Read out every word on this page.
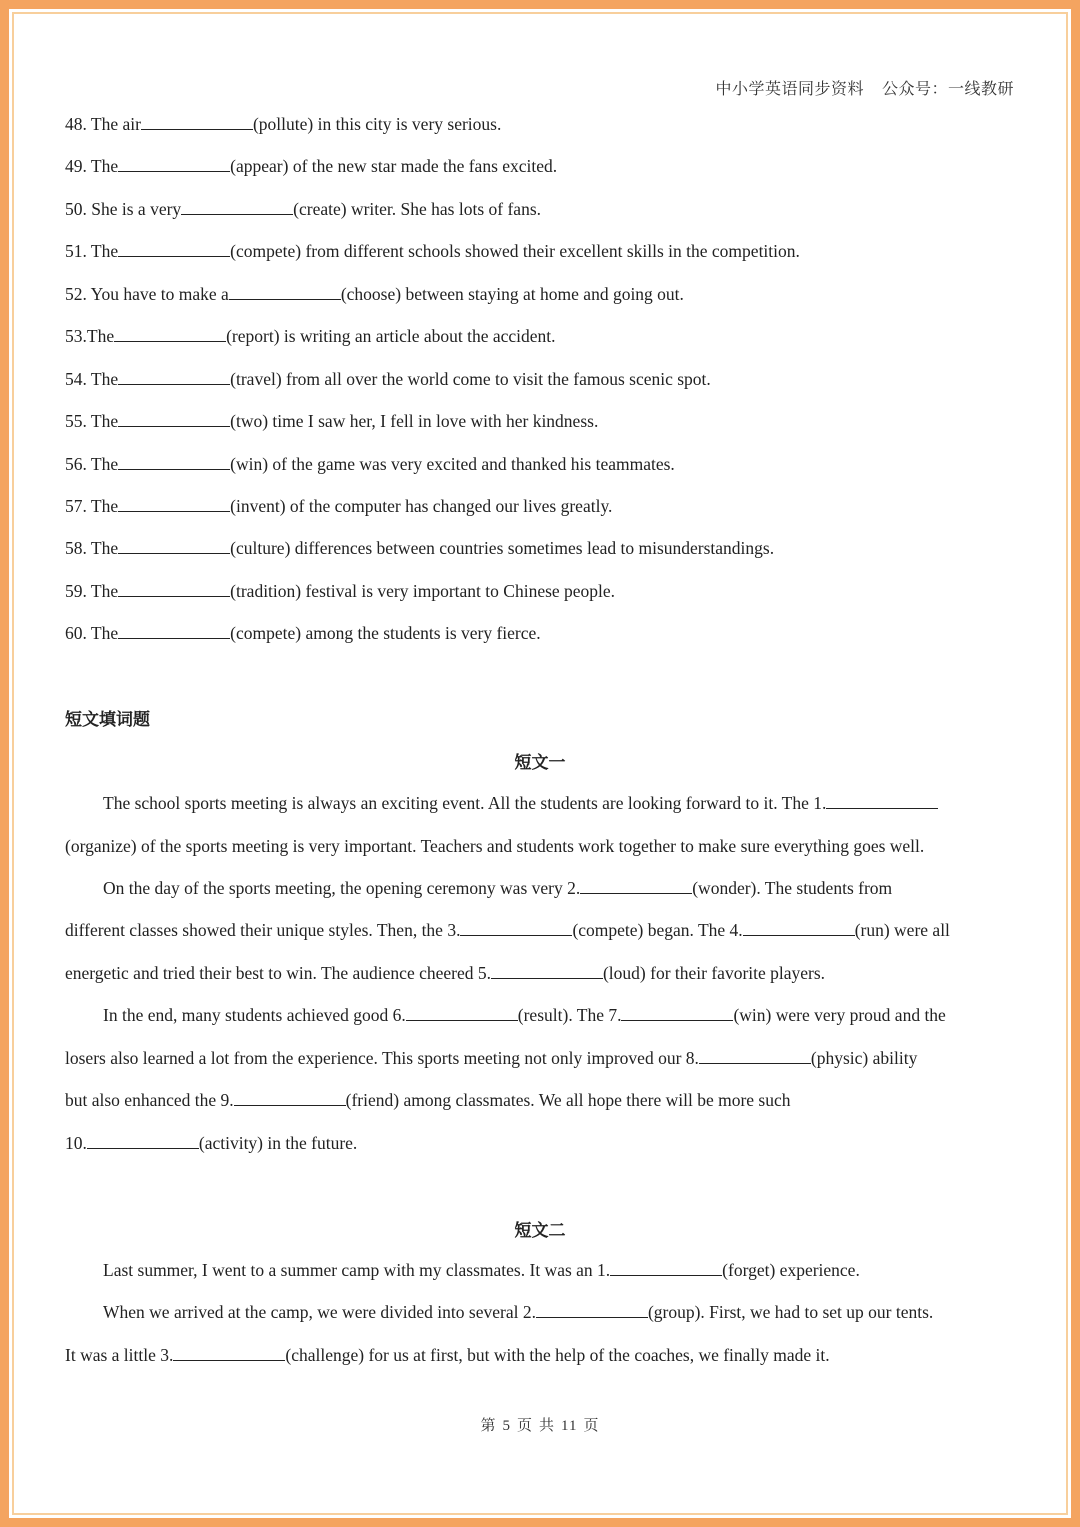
中小学英语同步资料 公众号：一线教研
48. The air	(pollute) in this city is very serious.
49. The	(appear) of the new star made the fans excited.
50. She is a very	(create) writer. She has lots of fans.
51. The	(compete) from different schools showed their excellent skills in the competition.
52. You have to make a	(choose) between staying at home and going out.
53.The	(report) is writing an article about the accident.
54. The	(travel) from all over the world come to visit the famous scenic spot.
55. The	(two) time I saw her, I fell in love with her kindness.
56. The	(win) of the game was very excited and thanked his teammates.
57. The	(invent) of the computer has changed our lives greatly.
58. The	(culture) differences between countries sometimes lead to misunderstandings.
59. The	(tradition) festival is very important to Chinese people.
60. The	(compete) among the students is very fierce.
短文填词题
短文一
The school sports meeting is always an exciting event. All the students are looking forward to it. The 1.
(organize) of the sports meeting is very important. Teachers and students work together to make sure everything goes well.
On the day of the sports meeting, the opening ceremony was very 2.	(wonder). The students from
different classes showed their unique styles. Then, the 3.	(compete) began. The 4.	(run) were all
energetic and tried their best to win. The audience cheered 5.	(loud) for their favorite players.
In the end, many students achieved good 6.	(result). The 7.	(win) were very proud and the
losers also learned a lot from the experience. This sports meeting not only improved our 8.	(physic) ability
but also enhanced the 9.	(friend) among classmates. We all hope there will be more such
10.	(activity) in the future.
短文二
Last summer, I went to a summer camp with my classmates. It was an 1.	(forget) experience.
When we arrived at the camp, we were divided into several 2.	(group). First, we had to set up our tents.
It was a little 3.	(challenge) for us at first, but with the help of the coaches, we finally made it.
第 5 页 共 11 页
